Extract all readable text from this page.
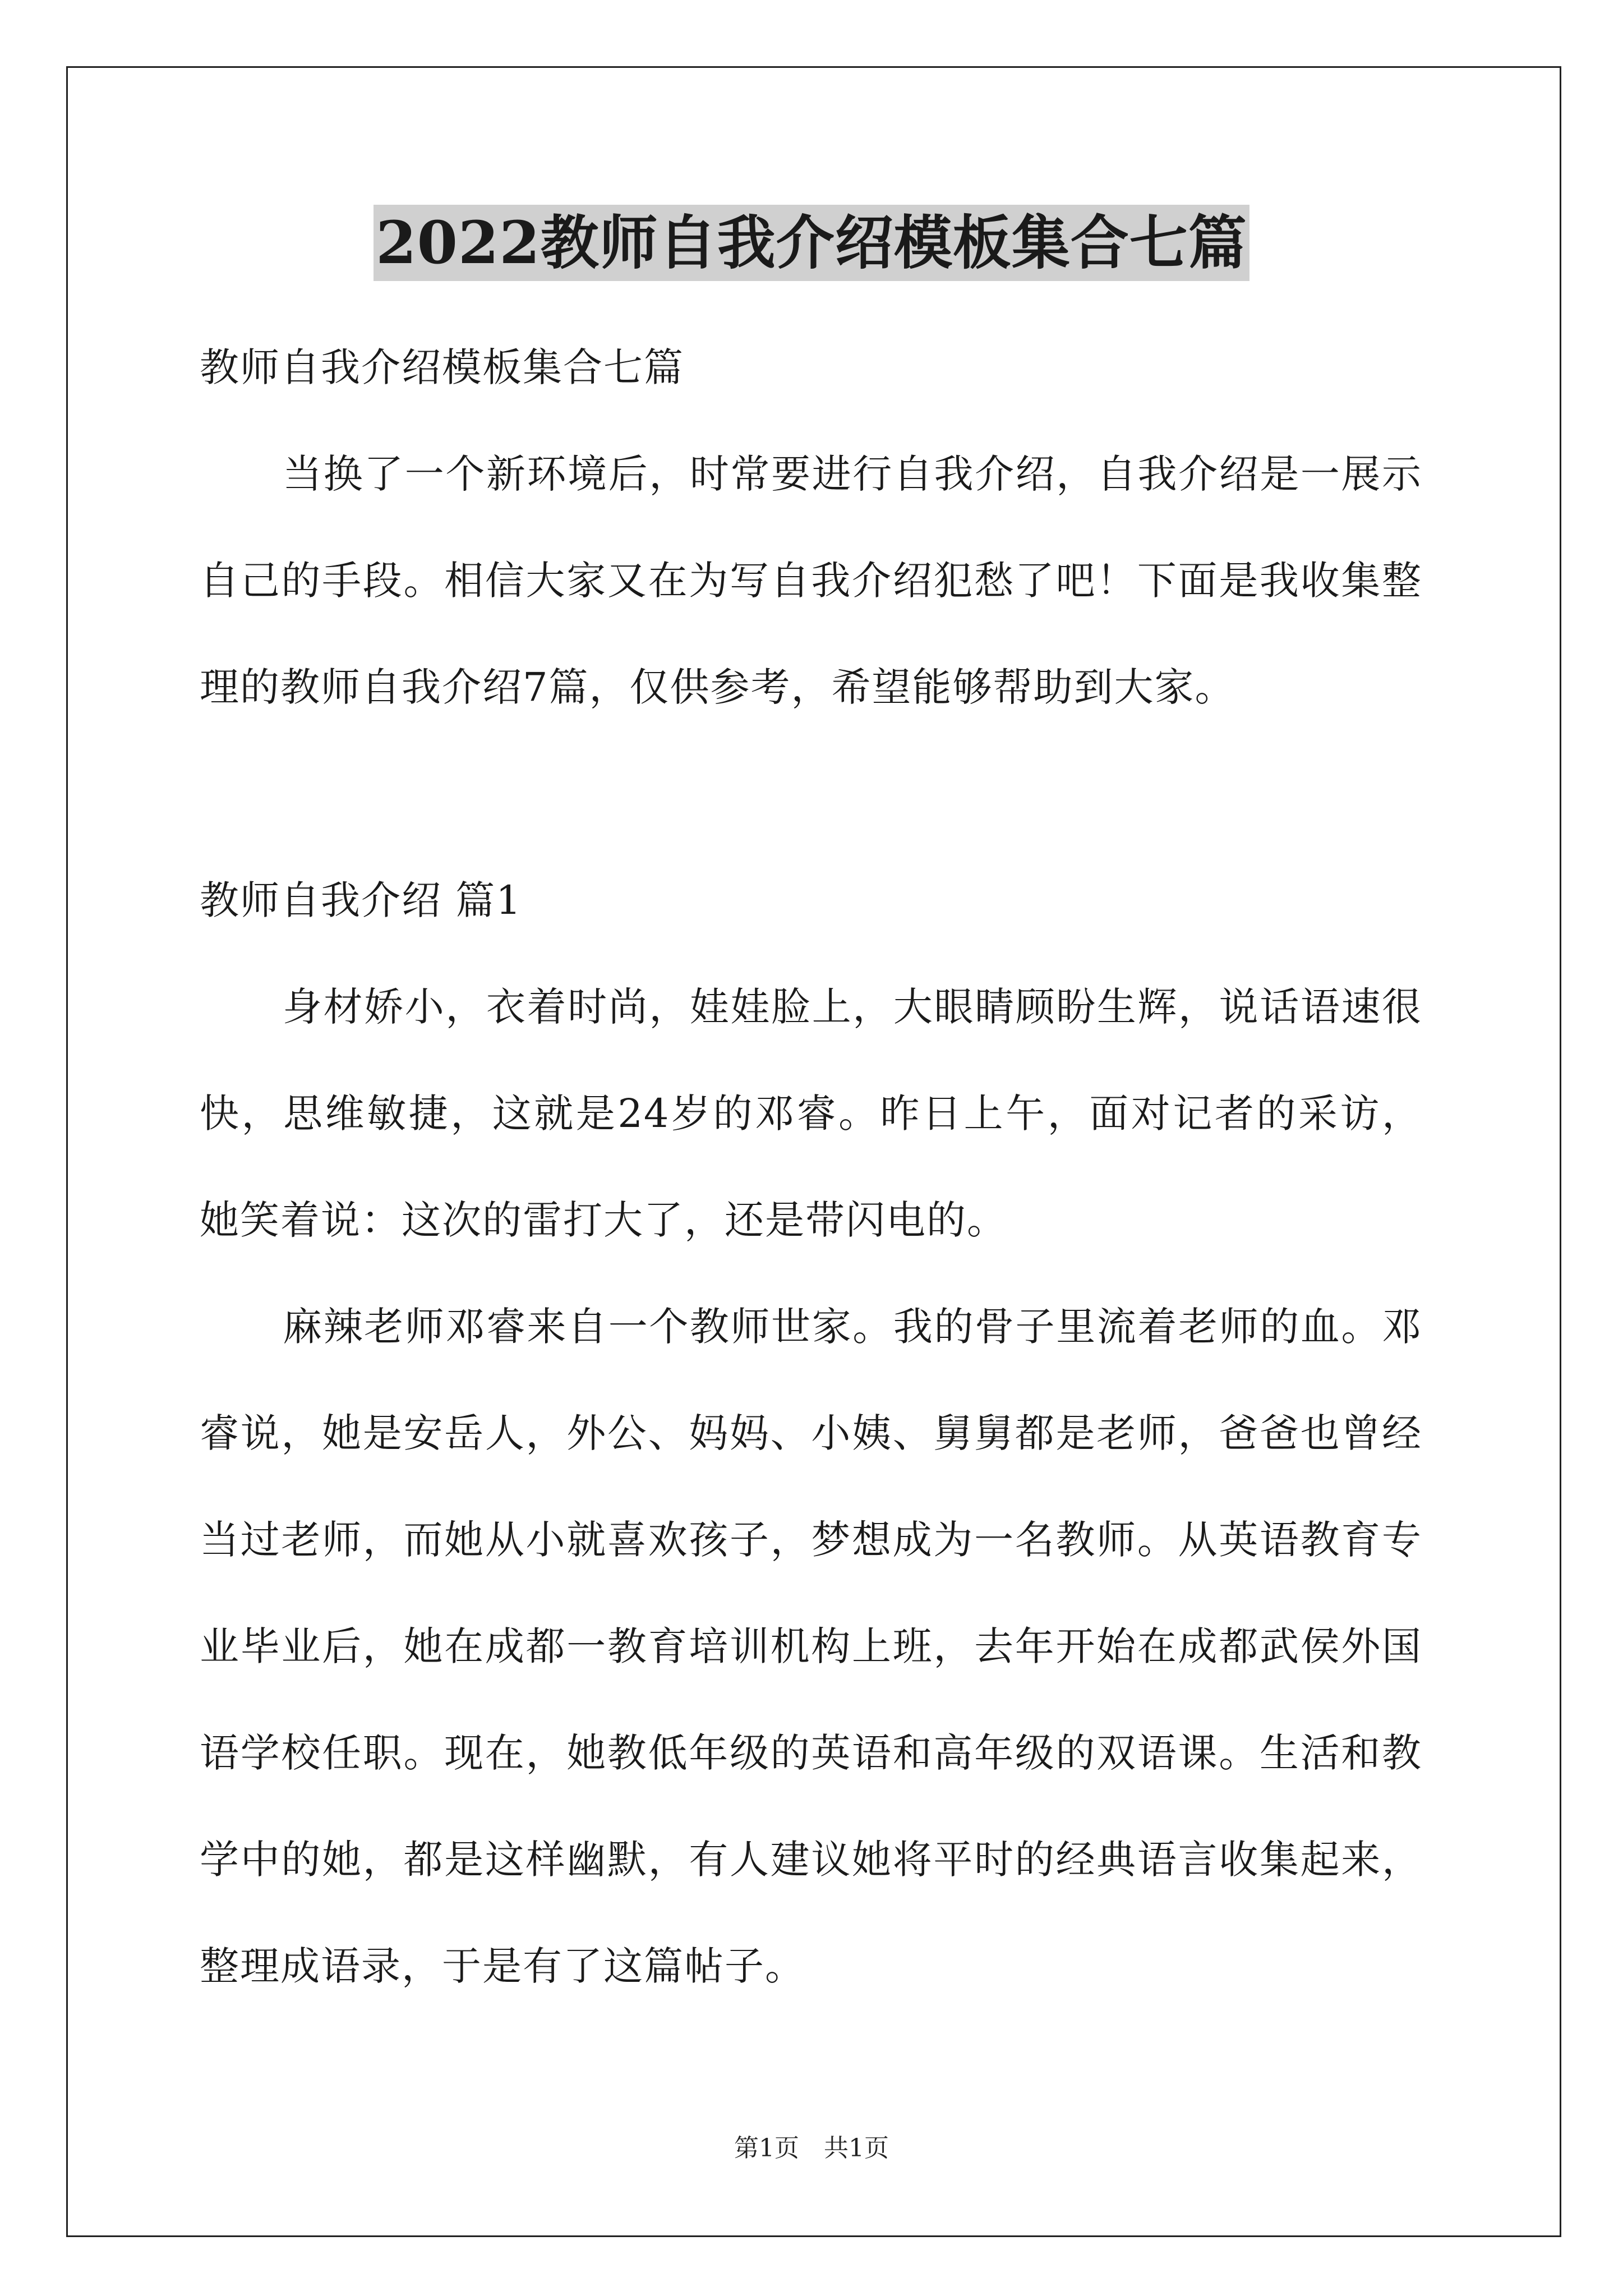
2022教师自我介绍模板集合七篇

教师自我介绍模板集合七篇

当换了一个新环境后，时常要进行自我介绍，自我介绍是一展示自己的手段。相信大家又在为写自我介绍犯愁了吧！下面是我收集整理的教师自我介绍7篇，仅供参考，希望能够帮助到大家。

教师自我介绍 篇1

身材娇小，衣着时尚，娃娃脸上，大眼睛顾盼生辉，说话语速很快，思维敏捷，这就是24岁的邓睿。昨日上午，面对记者的采访，她笑着说：这次的雷打大了，还是带闪电的。

麻辣老师邓睿来自一个教师世家。我的骨子里流着老师的血。邓睿说，她是安岳人，外公、妈妈、小姨、舅舅都是老师，爸爸也曾经当过老师，而她从小就喜欢孩子，梦想成为一名教师。从英语教育专业毕业后，她在成都一教育培训机构上班，去年开始在成都武侯外国语学校任职。现在，她教低年级的英语和高年级的双语课。生活和教学中的她，都是这样幽默，有人建议她将平时的经典语言收集起来，整理成语录，于是有了这篇帖子。

第1页　共1页
